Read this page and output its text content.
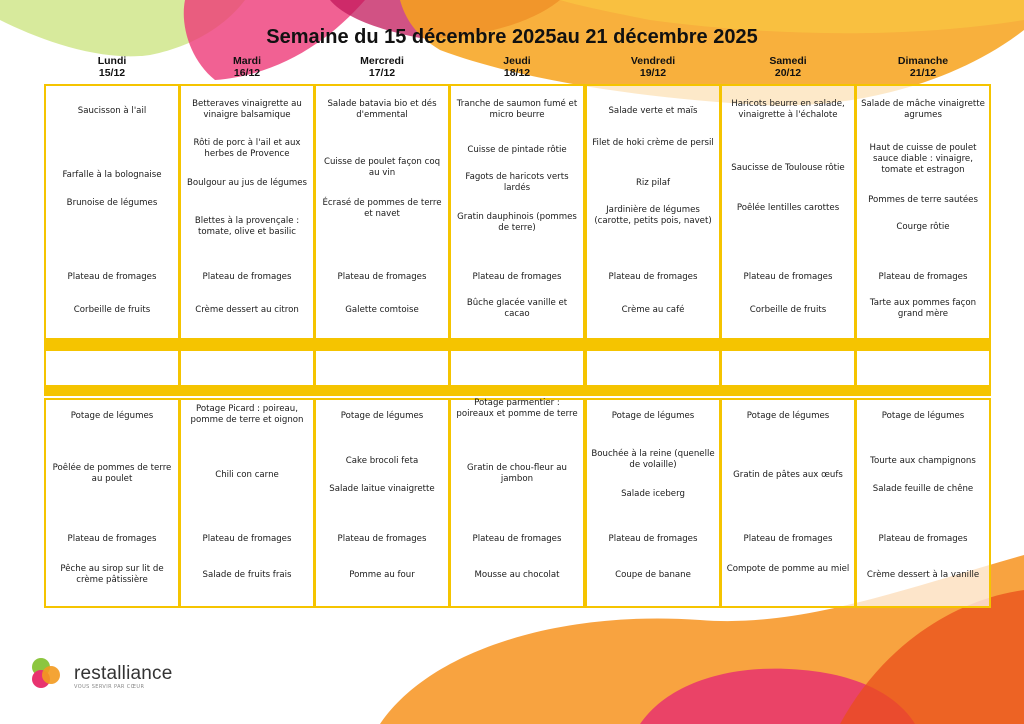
Semaine du 15 décembre 2025au 21 décembre 2025
Lundi
15/12
Mardi
16/12
Mercredi
17/12
Jeudi
18/12
Vendredi
19/12
Samedi
20/12
Dimanche
21/12
Saucisson à l'ail
Farfalle à la bolognaise
Brunoise de légumes
Plateau de fromages
Corbeille de fruits
Potage de légumes
Poêlée de pommes de terre au poulet
Plateau de fromages
Pêche au sirop sur lit de crème pâtissière
Betteraves vinaigrette au vinaigre balsamique
Rôti de porc à l'ail et aux herbes de Provence
Boulgour au jus de légumes
Blettes à la provençale : tomate, olive et basilic
Plateau de fromages
Crème dessert au citron
Potage Picard : poireau, pomme de terre et oignon
Chili con carne
Plateau de fromages
Salade de fruits frais
Salade batavia bio et dés d'emmental
Cuisse de poulet façon coq au vin
Écrasé de pommes de terre et navet
Plateau de fromages
Galette comtoise
Potage de légumes
Cake brocoli feta
Salade laitue vinaigrette
Plateau de fromages
Pomme au four
Tranche de saumon fumé et micro beurre
Cuisse de pintade rôtie
Fagots de haricots verts lardés
Gratin dauphinois (pommes de terre)
Plateau de fromages
Bûche glacée vanille et cacao
Potage parmentier : poireaux et pomme de terre
Gratin de chou-fleur au jambon
Plateau de fromages
Mousse au chocolat
Salade verte et maïs
Filet de hoki crème de persil
Riz pilaf
Jardinière de légumes (carotte, petits pois, navet)
Plateau de fromages
Crème au café
Potage de légumes
Bouchée à la reine (quenelle de volaille)
Salade iceberg
Plateau de fromages
Coupe de banane
Haricots beurre en salade, vinaigrette à l'échalote
Saucisse de Toulouse rôtie
Poêlée lentilles carottes
Plateau de fromages
Corbeille de fruits
Potage de légumes
Gratin de pâtes aux œufs
Plateau de fromages
Compote de pomme au miel
Salade de mâche vinaigrette agrumes
Haut de cuisse de poulet sauce diable : vinaigre, tomate et estragon
Pommes de terre sautées
Courge rôtie
Plateau de fromages
Tarte aux pommes façon grand mère
Potage de légumes
Tourte aux champignons
Salade feuille de chêne
Plateau de fromages
Crème dessert à la vanille
restalliance
VOUS SERVIR PAR CŒUR
